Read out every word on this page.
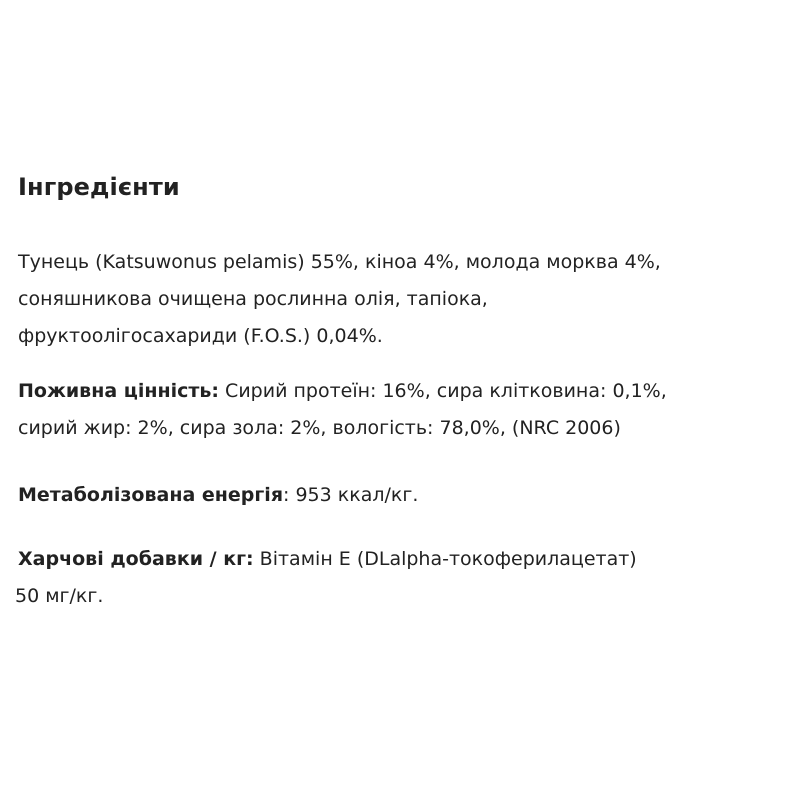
Інгредієнти

Тунець (Katsuwonus pelamis) 55%, кіноа 4%, молода морква 4%,
соняшникова очищена рослинна олія, тапіока,
фруктоолігосахариди (F.O.S.) 0,04%.

Поживна цінність: Сирий протеїн: 16%, сира клітковина: 0,1%,
сирий жир: 2%, сира зола: 2%, вологість: 78,0%, (NRC 2006)

Метаболізована енергія: 953 ккал/кг.

Харчові добавки / кг: Вітамін Е (DLalpha-токоферилацетат)
50 мг/кг.
